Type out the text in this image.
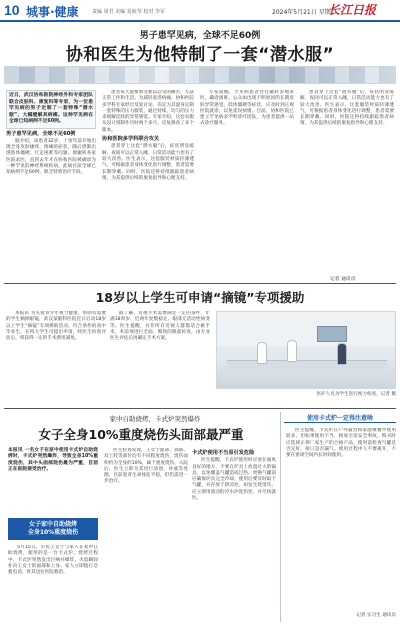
10 城事·健康	责编 周君 美编 易航琴 校对 李军	2024年5月21日 星期二
长江日报
男子患罕见病，全球不足60例
协和医生为他特制了一套“潜水服”
近日，武汉协和医院神经外科专家团队联合皮肤科、康复科等专家，为一位患罕见病的男子定制了一套特殊“潜水服”，大幅缓解其病痛。这种罕见病在全球已知病例不足60例。
男子患罕见病，全球不足60例
据介绍，该患者32岁，十余年前开始出现全身皮肤瘙痒、疼痛的症状，随后逐渐出现肢体僵硬、行走困难等问题。他辗转多家医院求医，直到去年才在协和医院被确诊为一种罕见的神经系统疾病。此病目前全球已知病例不足60例，缺乏特效治疗手段。
患者每天都要承受难以忍受的痛苦，无法正常工作和生活。为减轻患者病痛，协和医院多学科专家经过反复讨论，决定为其量身定制一套特殊的压力服装，通过持续、均匀的压力来缓解皮肤的异常感觉。专家介绍，这套衣服从设计到制作历时两个多月，反复修改了多个版本。
协和医院多学科联合攻关
患者穿上这套“潜水服”后，症状明显缓解，夜间可以正常入睡，日常活动能力也有了较大改善。医生表示，这套服装材质轻薄透气，可根据患者身体变化进行调整，患者需要长期穿戴。同时，医院还将持续跟踪患者病情，为其提供后续的康复指导和心理支持。
专家提醒，罕见病患者往往辗转多地求医，确诊困难。公众如出现不明原因的长期皮肤异常感觉、肢体僵硬等症状，应及时到正规医院就诊，以免延误病情。目前，协和医院已建立罕见病多学科诊疗团队，为患者提供一站式诊疗服务。
患者穿上这套“潜水服”后，症状明显缓解，夜间可以正常入睡，日常活动能力也有了较大改善。医生表示，这套服装材质轻薄透气，可根据患者身体变化进行调整，患者需要长期穿戴。同时，医院还将持续跟踪患者病情，为其提供后续的康复指导和心理支持。
记者 通讯员
18岁以上学生可申请“摘镜”专项援助
本报讯 为关爱青少年视力健康，帮助有需要的学生摘掉眼镜，武汉某眼科医院近日启动18岁以上学生“摘镜”专项援助活动。符合条件的高中毕业生、在校大学生可提出申请，经医生检查评估后，将获得一定的手术费用减免。
据了解，近视手术需要满足一定的条件，年满18周岁、近两年度数稳定、眼部无活动性病变等。医生提醒，并非所有近视人群都适合做手术，术前须进行全面、细致的眼部检查，由专业医生评估后再确定手术方案。
医护人员为学生进行视力检查。记者 摄
家中自助烧烤，卡式炉突然爆炸
女子全身10%重度烧伤头面部最严重
本报讯 一名女子在家中使用卡式炉自助烧烤时，卡式炉突然爆炸，导致全身10%重度烧伤，其中头面部烧伤最为严重，目前正在医院接受治疗。
女子家中自助烧烤
全身10%重度烧伤
5月15日，市民王女士与家人在家中自助烧烤，使用的是一台卡式炉。烧烤过程中，卡式炉突然发出巨响并爆炸，火焰瞬间扑向王女士的面部和上身。家人立即拨打急救电话，将其送往医院救治。
医生检查发现，王女士面部、颈部、双上肢等部位均有不同程度烧伤，烧伤面积约为全身的10%，属于重度烧伤。入院后，医生立即为其进行清创、补液等处理，目前患者生命体征平稳，但仍需进一步治疗。
卡式炉使用不当易引发危险
医生提醒，卡式炉使用时应放在通风良好的地方，不要在炉具上放置过大的锅具，以免覆盖气罐造成过热。更换气罐前应确保炉具完全冷却，使用后要及时取下气罐，并存放于阴凉处。如发生烧烫伤，应立即用流动的冷水冲洗伤处，并尽快就医。
使用卡式炉一定得注意啥
医生提醒，卡式炉在户外露营和家庭聚餐中使用较多，但如果使用不当，极易引发安全事故。购买时应选择正规厂家生产的合格产品，使用前检查气罐是否完好，接口是否漏气。使用过程中人不要离开，不要在密闭空间内长时间使用。
记者 实习生 通讯员
